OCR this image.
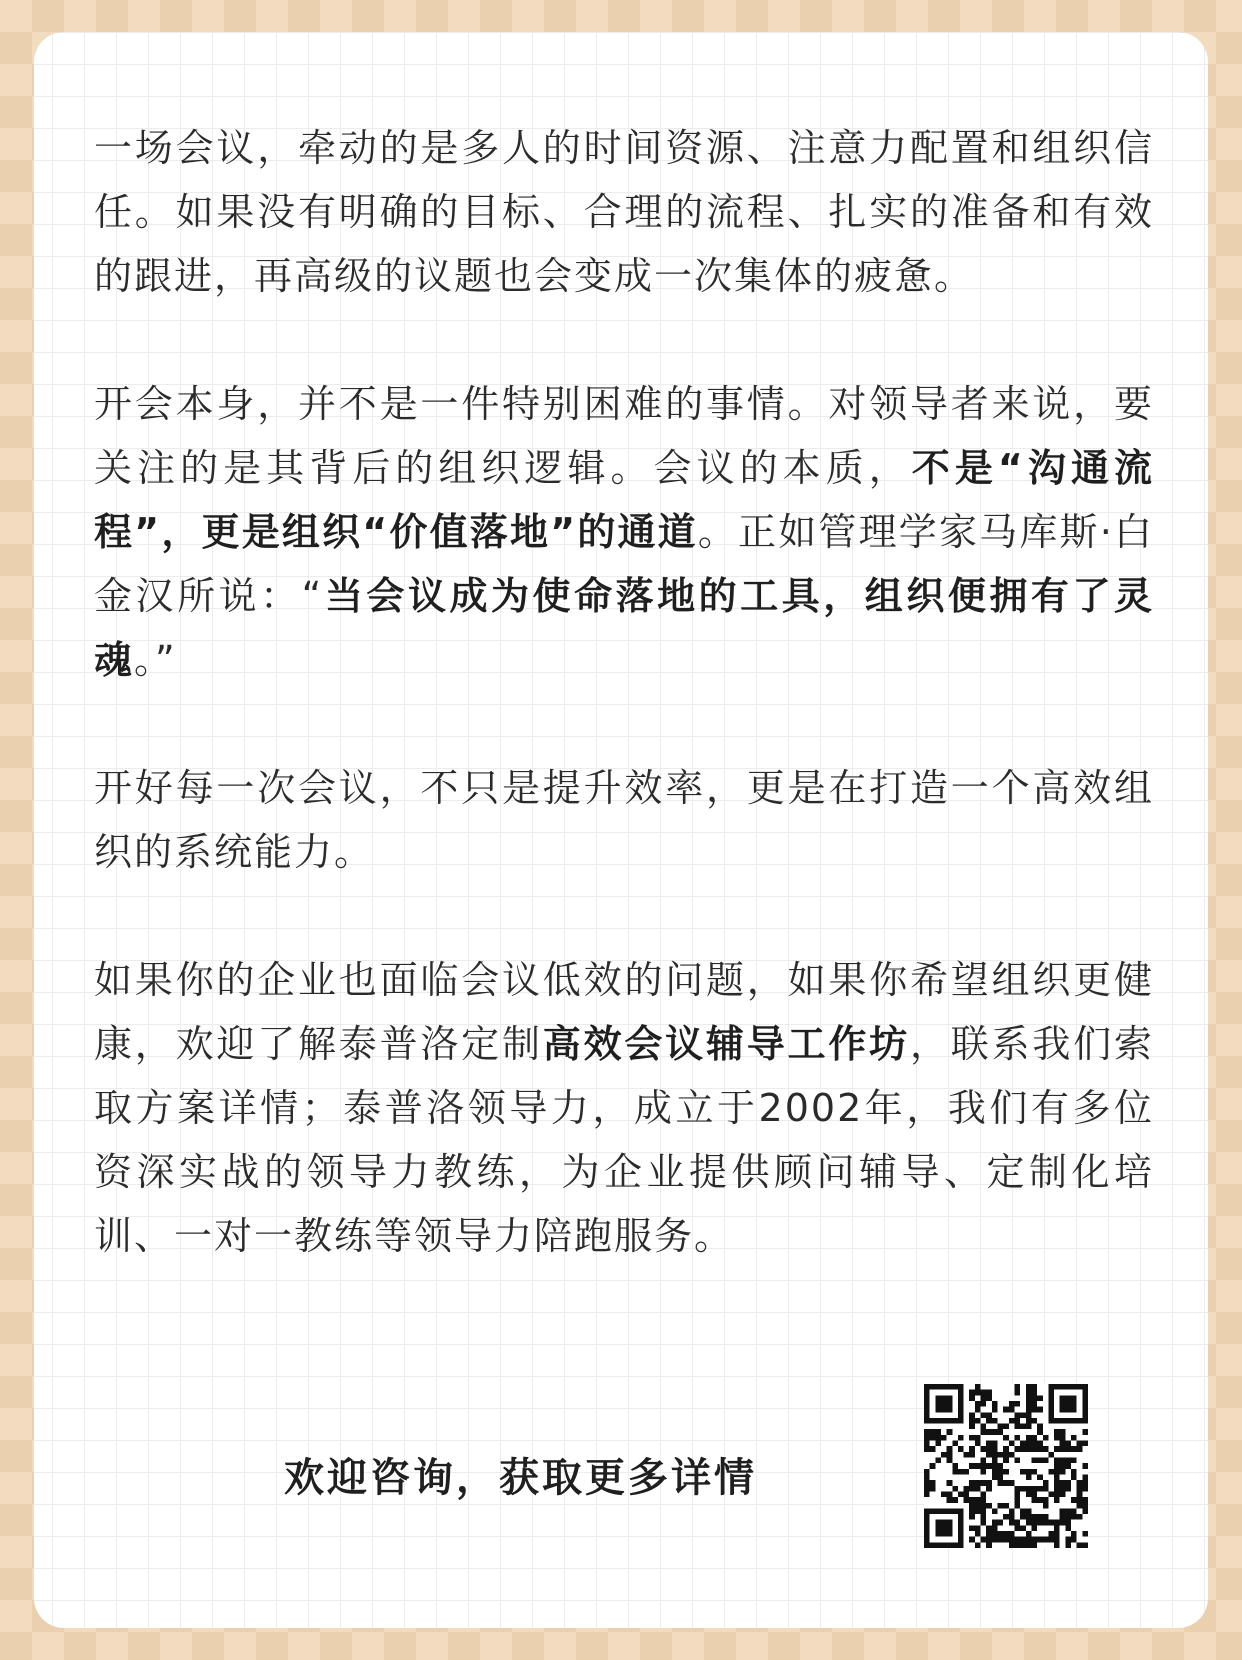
一场会议，牵动的是多人的时间资源、注意力配置和组织信任。如果没有明确的目标、合理的流程、扎实的准备和有效的跟进，再高级的议题也会变成一次集体的疲惫。

开会本身，并不是一件特别困难的事情。对领导者来说，要关注的是其背后的组织逻辑。会议的本质，不是“沟通流程”，更是组织“价值落地”的通道。正如管理学家马库斯·白金汉所说：“当会议成为使命落地的工具，组织便拥有了灵魂。”

开好每一次会议，不只是提升效率，更是在打造一个高效组织的系统能力。

如果你的企业也面临会议低效的问题，如果你希望组织更健康，欢迎了解泰普洛定制高效会议辅导工作坊，联系我们索取方案详情；泰普洛领导力，成立于2002年，我们有多位资深实战的领导力教练，为企业提供顾问辅导、定制化培训、一对一教练等领导力陪跑服务。

欢迎咨询，获取更多详情
